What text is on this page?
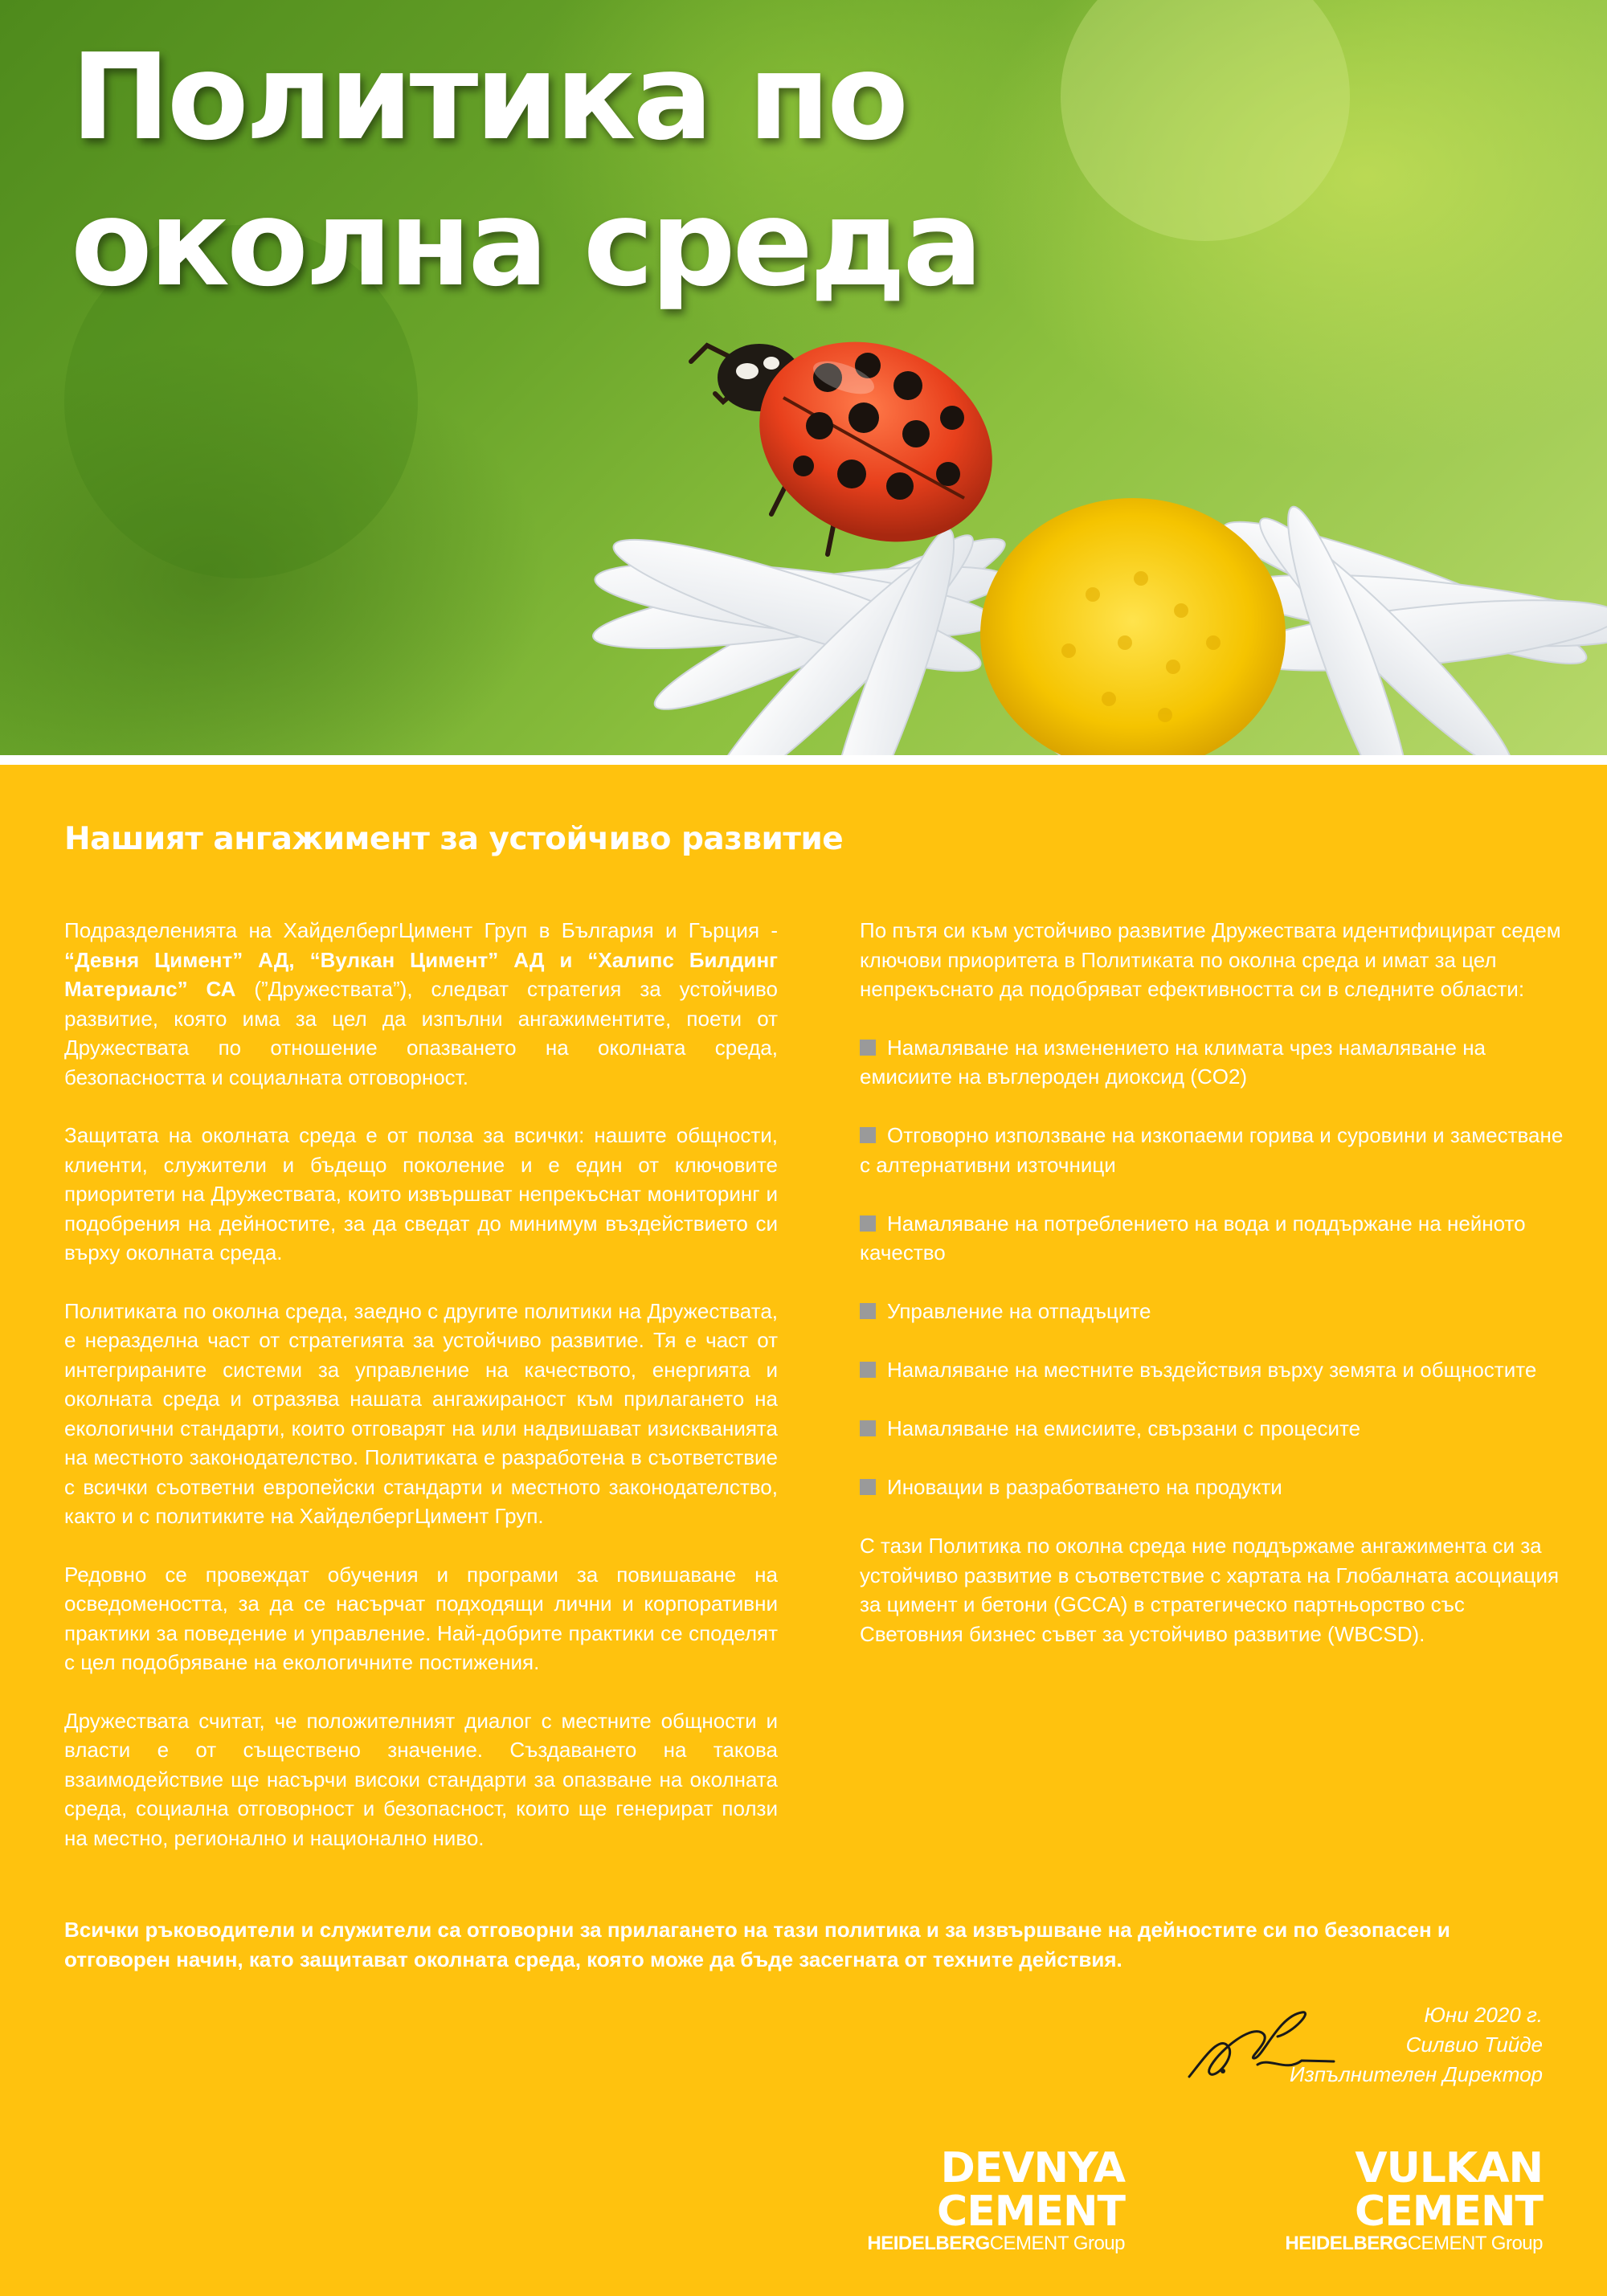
Политика по
околна среда
Нашият ангажимент за устойчиво развитие

Подразделенията на ХайделбергЦимент Груп в България и Гърция - “Девня Цимент” АД, “Вулкан Цимент” АД и “Халипс Билдинг Материалс” СА (”Дружествата”), следват стратегия за устойчиво развитие, която има за цел да изпълни ангажиментите, поети от Дружествата по отношение опазването на околната среда, безопасността и социалната отговорност.

Защитата на околната среда е от полза за всички: нашите общности, клиенти, служители и бъдещо поколение и е един от ключовите приоритети на Дружествата, които извършват непрекъснат мониторинг и подобрения на дейностите, за да сведат до минимум въздействието си върху околната среда.

Политиката по околна среда, заедно с другите политики на Дружествата, е неразделна част от стратегията за устойчиво развитие. Тя е част от интегрираните системи за управление на качеството, енергията и околната среда и отразява нашата ангажираност към прилагането на екологични стандарти, които отговарят на или надвишават изискванията на местното законодателство. Политиката е разработена в съответствие с всички съответни европейски стандарти и местното законодателство, както и с политиките на ХайделбергЦимент Груп.

Редовно се провеждат обучения и програми за повишаване на осведомеността, за да се насърчат подходящи лични и корпоративни практики за поведение и управление. Най-добрите практики се споделят с цел подобряване на екологичните постижения.

Дружествата считат, че положителният диалог с местните общности и власти е от съществено значение. Създаването на такова взаимодействие ще насърчи високи стандарти за опазване на околната среда, социална отговорност и безопасност, които ще генерират ползи на местно, регионално и национално ниво.

По пътя си към устойчиво развитие Дружествата идентифицират седем ключови приоритета в Политиката по околна среда и имат за цел непрекъснато да подобряват ефективността си в следните области:

Намаляване на изменението на климата чрез намаляване на емисиите на въглероден диоксид (CO2)
Отговорно използване на изкопаеми горива и суровини и заместване с алтернативни източници
Намаляване на потреблението на вода и поддържане на нейното качество
Управление на отпадъците
Намаляване на местните въздействия върху земята и общностите
Намаляване на емисиите, свързани с процесите
Иновации в разработването на продукти

С тази Политика по околна среда ние поддържаме ангажимента си за устойчиво развитие в съответствие с хартата на Глобалната асоциация за цимент и бетони (GCCA) в стратегическо партньорство със Световния бизнес съвет за устойчиво развитие (WBCSD).

Всички ръководители и служители са отговорни за прилагането на тази политика и за извършване на дейностите си по безопасен и отговорен начин, като защитават околната среда, която може да бъде засегната от техните действия.

Юни 2020 г.
Силвио Тийде
Изпълнителен Директор
DEVNYA CEMENT
HEIDELBERGCEMENT Group
VULKAN CEMENT
HEIDELBERGCEMENT Group
